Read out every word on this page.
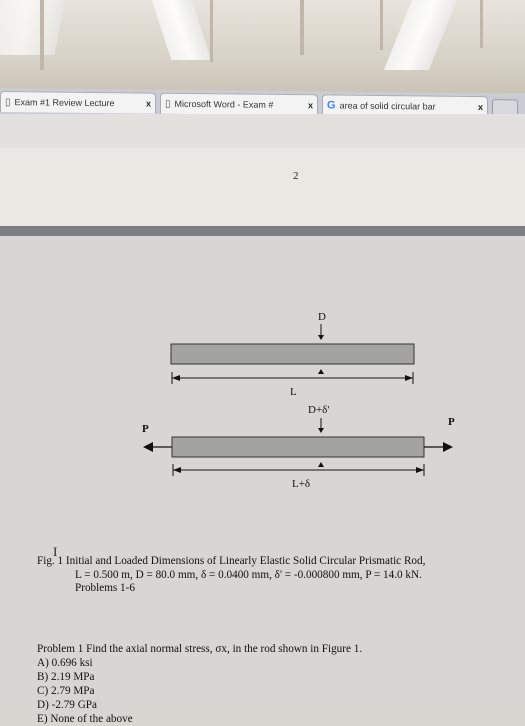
▯ Exam #1 Review Lecture	x ▯ Microsoft Word - Exam #	x G area of solid circular bar	x
2
D
L
D+δ'
P
P
L+δ
I
Fig. 1 Initial and Loaded Dimensions of Linearly Elastic Solid Circular Prismatic Rod,
L = 0.500 m, D = 80.0 mm, δ = 0.0400 mm, δ' = -0.000800 mm, P = 14.0 kN.
Problems 1-6
Problem 1 Find the axial normal stress, σx, in the rod shown in Figure 1.
A) 0.696 ksi
B) 2.19 MPa
C) 2.79 MPa
D) -2.79 GPa
E) None of the above
